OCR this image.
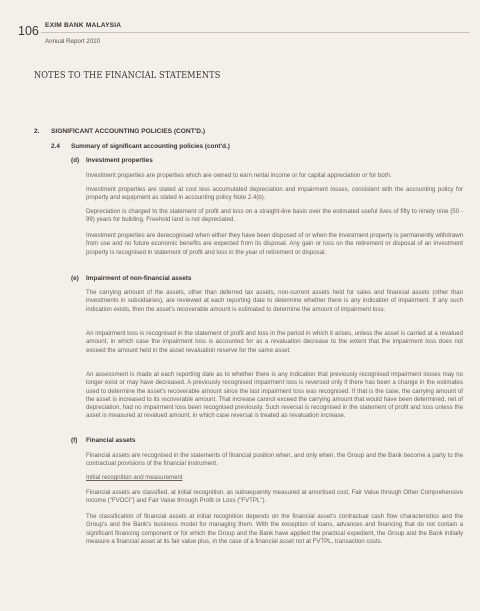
106 EXIM BANK MALAYSIA
Annual Report 2020
NOTES TO THE FINANCIAL STATEMENTS
2. SIGNIFICANT ACCOUNTING POLICIES (CONT'D.)
2.4 Summary of significant accounting policies (cont'd.)
(d) Investment properties

Investment properties are properties which are owned to earn rental income or for capital appreciation or for both.

Investment properties are stated at cost less accumulated depreciation and impairment losses, consistent with the accounting policy for property and equipment as stated in accounting policy Note 2.4(b).

Depreciation is charged to the statement of profit and loss on a straight-line basis over the estimated useful lives of fifty to ninety nine (50 - 99) years for building. Freehold land is not depreciated.

Investment properties are derecognised when either they have been disposed of or when the investment property is permanently withdrawn from use and no future economic benefits are expected from its disposal. Any gain or loss on the retirement or disposal of an investment property is recognised in statement of profit and loss in the year of retirement or disposal.

(e) Impairment of non-financial assets

The carrying amount of the assets, other than deferred tax assets, non-current assets held for sales and financial assets (other than investments in subsidiaries), are reviewed at each reporting date to determine whether there is any indication of impairment. If any such indication exists, then the asset's recoverable amount is estimated to determine the amount of impairment loss.

An impairment loss is recognised in the statement of profit and loss in the period in which it arises, unless the asset is carried at a revalued amount, in which case the impairment loss is accounted for as a revaluation decrease to the extent that the impairment loss does not exceed the amount held in the asset revaluation reserve for the same asset.

An assessment is made at each reporting date as to whether there is any indication that previously recognised impairment losses may no longer exist or may have decreased. A previously recognised impairment loss is reversed only if there has been a change in the estimates used to determine the asset's recoverable amount since the last impairment loss was recognised. If that is the case, the carrying amount of the asset is increased to its recoverable amount. That increase cannot exceed the carrying amount that would have been determined, net of depreciation, had no impairment loss been recognised previously. Such reversal is recognised in the statement of profit and loss unless the asset is measured at revalued amount, in which case reversal is treated as revaluation increase.

(f) Financial assets

Financial assets are recognised in the statements of financial position when, and only when, the Group and the Bank become a party to the contractual provisions of the financial instrument.

Initial recognition and measurement

Financial assets are classified, at initial recognition, as subsequently measured at amortised cost, Fair Value through Other Comprehensive Income ("FVOCI") and Fair Value through Profit or Loss ("FVTPL").

The classification of financial assets at initial recognition depends on the financial asset's contractual cash flow characteristics and the Group's and the Bank's business model for managing them. With the exception of loans, advances and financing that do not contain a significant financing component or for which the Group and the Bank have applied the practical expedient, the Group and the Bank initially measure a financial asset at its fair value plus, in the case of a financial asset not at FVTPL, transaction costs.
